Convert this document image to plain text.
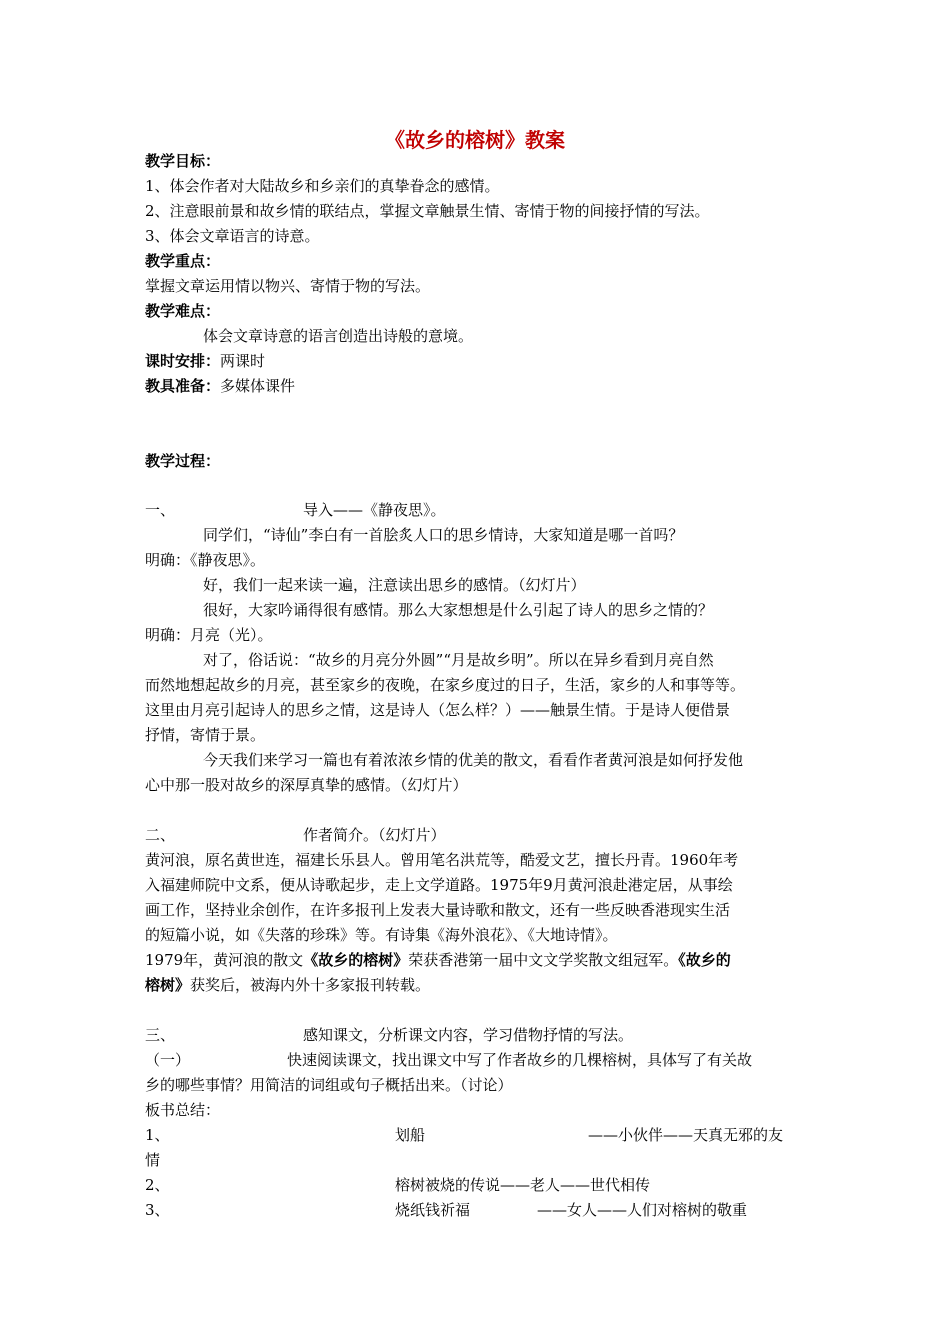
《故乡的榕树》教案
教学目标：
1、体会作者对大陆故乡和乡亲们的真挚眷念的感情。
2、注意眼前景和故乡情的联结点，掌握文章触景生情、寄情于物的间接抒情的写法。
3、体会文章语言的诗意。
教学重点：
掌握文章运用情以物兴、寄情于物的写法。
教学难点：
体会文章诗意的语言创造出诗般的意境。
课时安排：两课时
教具准备：多媒体课件
教学过程：
一、	导入——《静夜思》。
同学们，“诗仙”李白有一首脍炙人口的思乡情诗，大家知道是哪一首吗？
明确：《静夜思》。
好，我们一起来读一遍，注意读出思乡的感情。（幻灯片）
很好，大家吟诵得很有感情。那么大家想想是什么引起了诗人的思乡之情的？
明确：月亮（光）。
对了，俗话说：“故乡的月亮分外圆”“月是故乡明”。所以在异乡看到月亮自然
而然地想起故乡的月亮，甚至家乡的夜晚，在家乡度过的日子，生活，家乡的人和事等等。
这里由月亮引起诗人的思乡之情，这是诗人（怎么样？）——触景生情。于是诗人便借景
抒情，寄情于景。
今天我们来学习一篇也有着浓浓乡情的优美的散文，看看作者黄河浪是如何抒发他
心中那一股对故乡的深厚真挚的感情。（幻灯片）
二、	作者简介。（幻灯片）
黄河浪，原名黄世连，福建长乐县人。曾用笔名洪荒等，酷爱文艺，擅长丹青。1960年考
入福建师院中文系，便从诗歌起步，走上文学道路。1975年9月黄河浪赴港定居，从事绘
画工作，坚持业余创作，在许多报刊上发表大量诗歌和散文，还有一些反映香港现实生活
的短篇小说，如《失落的珍珠》等。有诗集《海外浪花》、《大地诗情》。
1979年，黄河浪的散文《故乡的榕树》荣获香港第一届中文文学奖散文组冠军。《故乡的
榕树》获奖后，被海内外十多家报刊转载。
三、	感知课文，分析课文内容，学习借物抒情的写法。
（一）	快速阅读课文，找出课文中写了作者故乡的几棵榕树，具体写了有关故
乡的哪些事情？用简洁的词组或句子概括出来。（讨论）
板书总结：
1、	划船	——小伙伴——天真无邪的友
情
2、	榕树被烧的传说——老人——世代相传
3、	烧纸钱祈福	——女人——人们对榕树的敬重
